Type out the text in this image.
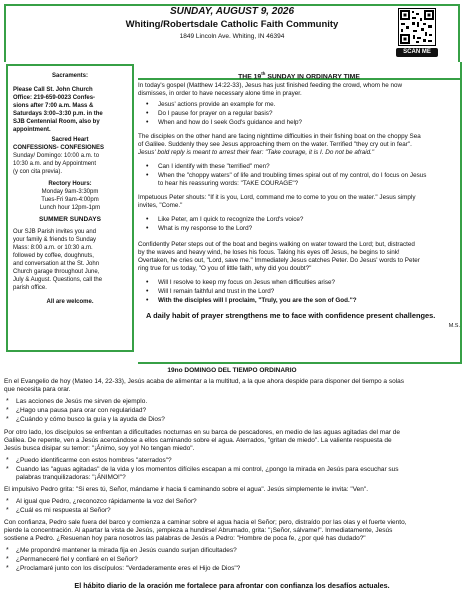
SUNDAY, AUGUST 9, 2026
Whiting/Robertsdale Catholic Faith Community
1849 Lincoln Ave. Whiting, IN 46394
SCAN ME
Sacraments:
Please Call St. John Church
Office: 219-659-0023 Confes-
sions after 7:00 a.m. Mass &
Saturdays 3:00–3:30 p.m. in the
SJB Centennial Room, also by
appointment.
Sacred Heart
CONFESSIONS- CONFESIONES
Sunday/ Domingo: 10:00 a.m. to
10:30 a.m. and by Appointment
(y con cita previa).
Rectory Hours:
Monday 9am-3:30pm
Tues-Fri 9am-4:00pm
Lunch hour 12pm-1pm
SUMMER SUNDAYS
Our SJB Parish invites you and
your family & friends to Sunday
Mass: 8:00 a.m. or 10:30 a.m.
followed by coffee, doughnuts,
and conversation at the St. John
Church garage throughout June,
July & August. Questions, call the
parish office.
All are welcome.
THE 19th SUNDAY IN ORDINARY TIME
In today's gospel (Matthew 14:22-33), Jesus has just finished feeding the crowd, whom he now
dismisses, in order to have necessary alone time in prayer.
• Jesus' actions provide an example for me.
• Do I pause for prayer on a regular basis?
• When and how do I seek God's guidance and help?
The disciples on the other hand are facing nighttime difficulties in their fishing boat on the choppy Sea
of Galilee. Suddenly they see Jesus approaching them on the water. Terrified "they cry out in fear".
Jesus' bold reply is meant to arrest their fear: "Take courage, it is I. Do not be afraid."
• Can I identify with these "terrified" men?
• When the "choppy waters" of life and troubling times spiral out of my control, do I focus on Jesus
to hear his reassuring words: "TAKE COURAGE"?
Impetuous Peter shouts: "If it is you, Lord, command me to come to you on the water." Jesus simply
invites, "Come."
• Like Peter, am I quick to recognize the Lord's voice?
• What is my response to the Lord?
Confidently Peter steps out of the boat and begins walking on water toward the Lord; but, distracted
by the waves and heavy wind, he loses his focus. Taking his eyes off Jesus, he begins to sink!
Overtaken, he cries out, "Lord, save me." Immediately Jesus catches Peter. Do Jesus' words to Peter
ring true for us today, "O you of little faith, why did you doubt?"
• Will I resolve to keep my focus on Jesus when difficulties arise?
• Will I remain faithful and trust in the Lord?
• With the disciples will I proclaim, "Truly, you are the son of God."?
A daily habit of prayer strengthens me to face with confidence present challenges.
M.S.
19no DOMINGO DEL TIEMPO ORDINARIO
En el Evangelio de hoy (Mateo 14, 22-33), Jesús acaba de alimentar a la multitud, a la que ahora despide para disponer del tiempo a solas
que necesita para orar.
* Las acciones de Jesús me sirven de ejemplo.
* ¿Hago una pausa para orar con regularidad?
* ¿Cuándo y cómo busco la guía y la ayuda de Dios?
Por otro lado, los discípulos se enfrentan a dificultades nocturnas en su barca de pescadores, en medio de las aguas agitadas del mar de
Galilea. De repente, ven a Jesús acercándose a ellos caminando sobre el agua. Aterrados, "gritan de miedo". La valiente respuesta de
Jesús busca disipar su temor: "¡Ánimo, soy yo! No tengan miedo".
* ¿Puedo identificarme con estos hombres "aterrados"?
* Cuando las "aguas agitadas" de la vida y los momentos difíciles escapan a mi control, ¿pongo la mirada en Jesús para escuchar sus
palabras tranquilizadoras: "¡ÁNIMO!"?
El impulsivo Pedro grita: "Si eres tú, Señor, mándame ir hacia ti caminando sobre el agua". Jesús simplemente le invita: "Ven".
* Al igual que Pedro, ¿reconozco rápidamente la voz del Señor?
* ¿Cuál es mi respuesta al Señor?
Con confianza, Pedro sale fuera del barco y comienza a caminar sobre el agua hacia el Señor; pero, distraído por las olas y el fuerte viento,
pierde la concentración. Al apartar la vista de Jesús, ¡empieza a hundirse! Abrumado, grita: "¡Señor, sálvame!". Inmediatamente, Jesús
sostiene a Pedro. ¿Resuenan hoy para nosotros las palabras de Jesús a Pedro: "Hombre de poca fe, ¿por qué has dudado?"
* ¿Me propondré mantener la mirada fija en Jesús cuando surjan dificultades?
* ¿Permaneceré fiel y confiaré en el Señor?
* ¿Proclamaré junto con los discípulos: "Verdaderamente eres el Hijo de Dios"?
El hábito diario de la oración me fortalece para afrontar con confianza los desafíos actuales.
